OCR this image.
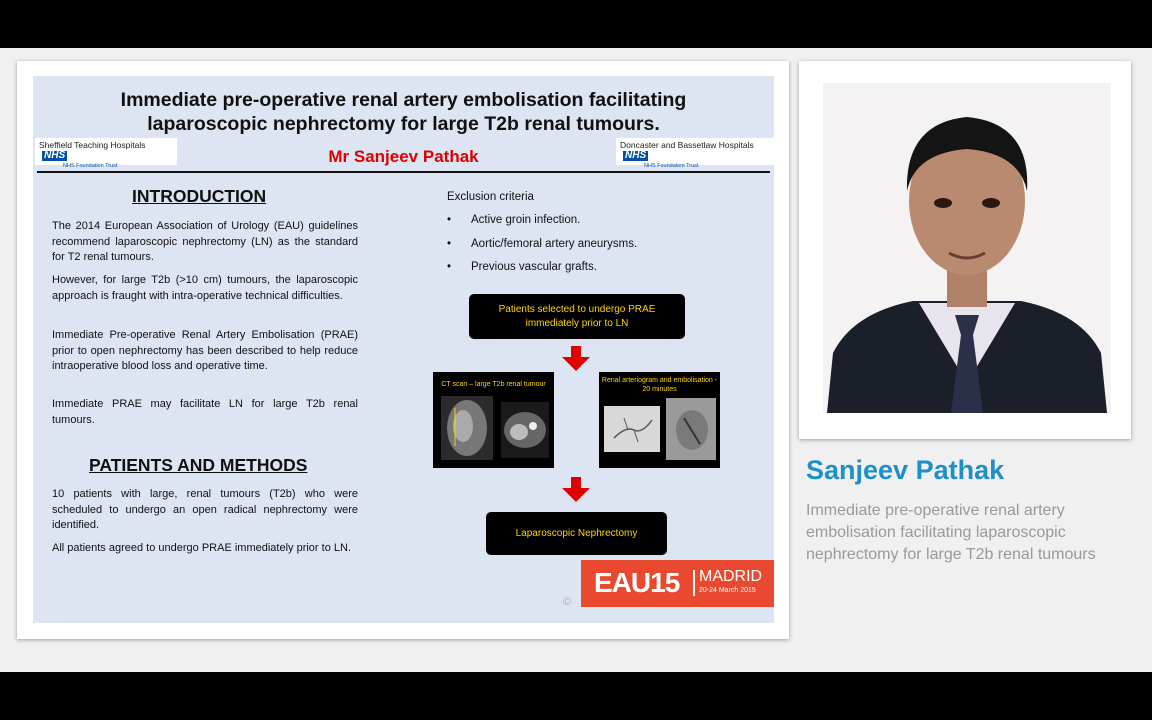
Immediate pre-operative renal artery embolisation facilitating
laparoscopic nephrectomy for large T2b renal tumours.
Sheffield Teaching HospitalsNHS
NHS Foundation Trust	Mr Sanjeev Pathak
Doncaster and Bassetlaw HospitalsNHS
NHS Foundation Trust
INTRODUCTION
The 2014 European Association of Urology (EAU) guidelines recommend laparoscopic nephrectomy (LN) as the standard for T2 renal tumours.
However, for large T2b (>10 cm) tumours, the laparoscopic approach is fraught with intra-operative technical difficulties.
Immediate Pre-operative Renal Artery Embolisation (PRAE) prior to open nephrectomy has been described to help reduce intraoperative blood loss and operative time.
Immediate PRAE may facilitate LN for large T2b renal tumours.
PATIENTS AND METHODS
10 patients with large, renal tumours (T2b) who were scheduled to undergo an open radical nephrectomy were identified.
All patients agreed to undergo PRAE immediately prior to LN.
Exclusion criteria
• Active groin infection.
• Aortic/femoral artery aneurysms.
• Previous vascular grafts.
Patients selected to undergo PRAE immediately prior to LN
CT scan – large T2b renal tumour
Renal arteriogram and embolisation - 20 minutes
Laparoscopic Nephrectomy
©
EAU15 MADRID
20-24 March 2015
Sanjeev Pathak
Immediate pre-operative renal artery embolisation facilitating laparoscopic nephrectomy for large T2b renal tumours
